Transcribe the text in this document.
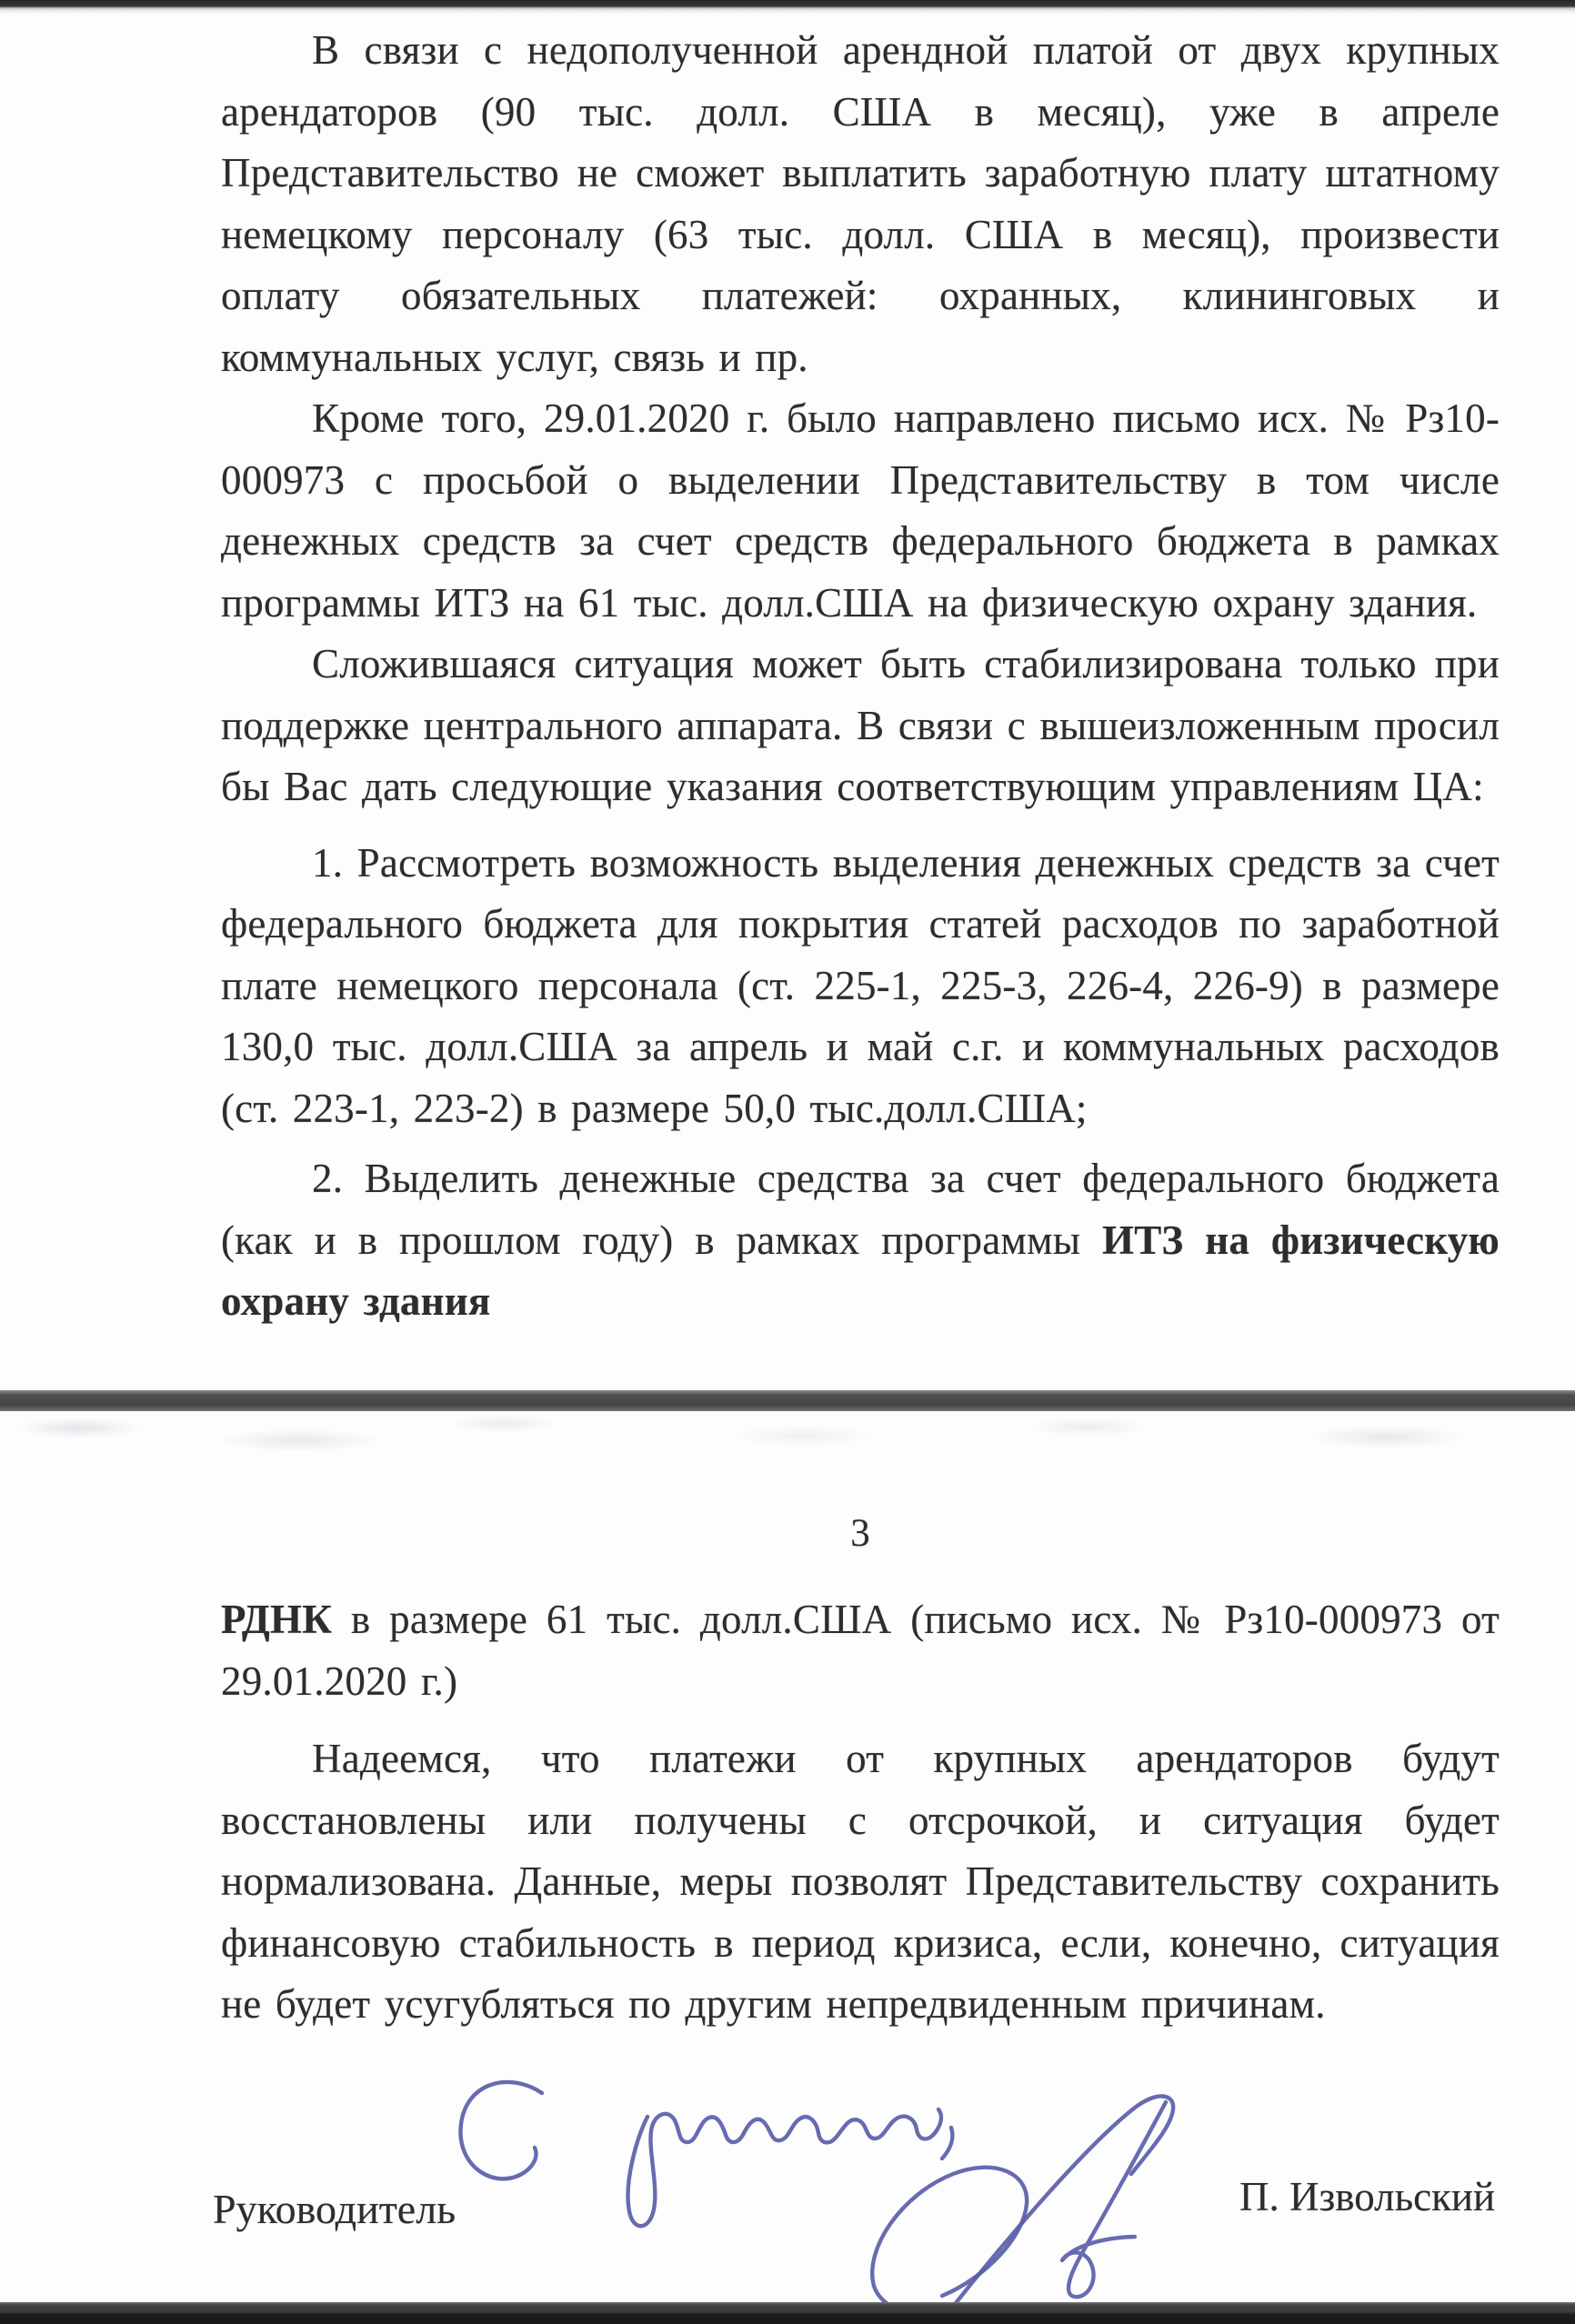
В связи с недополученной арендной платой от двух крупных арендаторов (90 тыс. долл. США в месяц), уже в апреле Представительство не сможет выплатить заработную плату штатному немецкому персоналу (63 тыс. долл. США в месяц), произвести оплату обязательных платежей: охранных, клининговых и коммунальных услуг, связь и пр.

Кроме того, 29.01.2020 г. было направлено письмо исх. № Рз10-000973 с просьбой о выделении Представительству в том числе денежных средств за счет средств федерального бюджета в рамках программы ИТЗ на 61 тыс. долл.США на физическую охрану здания.

Сложившаяся ситуация может быть стабилизирована только при поддержке центрального аппарата. В связи с вышеизложенным просил бы Вас дать следующие указания соответствующим управлениям ЦА:

1. Рассмотреть возможность выделения денежных средств за счет федерального бюджета для покрытия статей расходов по заработной плате немецкого персонала (ст. 225-1, 225-3, 226-4, 226-9) в размере 130,0 тыс. долл.США за апрель и май с.г. и коммунальных расходов (ст. 223-1, 223-2) в размере 50,0 тыс.долл.США;

2. Выделить денежные средства за счет федерального бюджета (как и в прошлом году) в рамках программы ИТЗ на физическую охрану здания

3

РДНК в размере 61 тыс. долл.США (письмо исх. № Рз10-000973 от 29.01.2020 г.)

Надеемся, что платежи от крупных арендаторов будут восстановлены или получены с отсрочкой, и ситуация будет нормализована. Данные, меры позволят Представительству сохранить финансовую стабильность в период кризиса, если, конечно, ситуация не будет усугубляться по другим непредвиденным причинам.

Руководитель	П. Извольский
